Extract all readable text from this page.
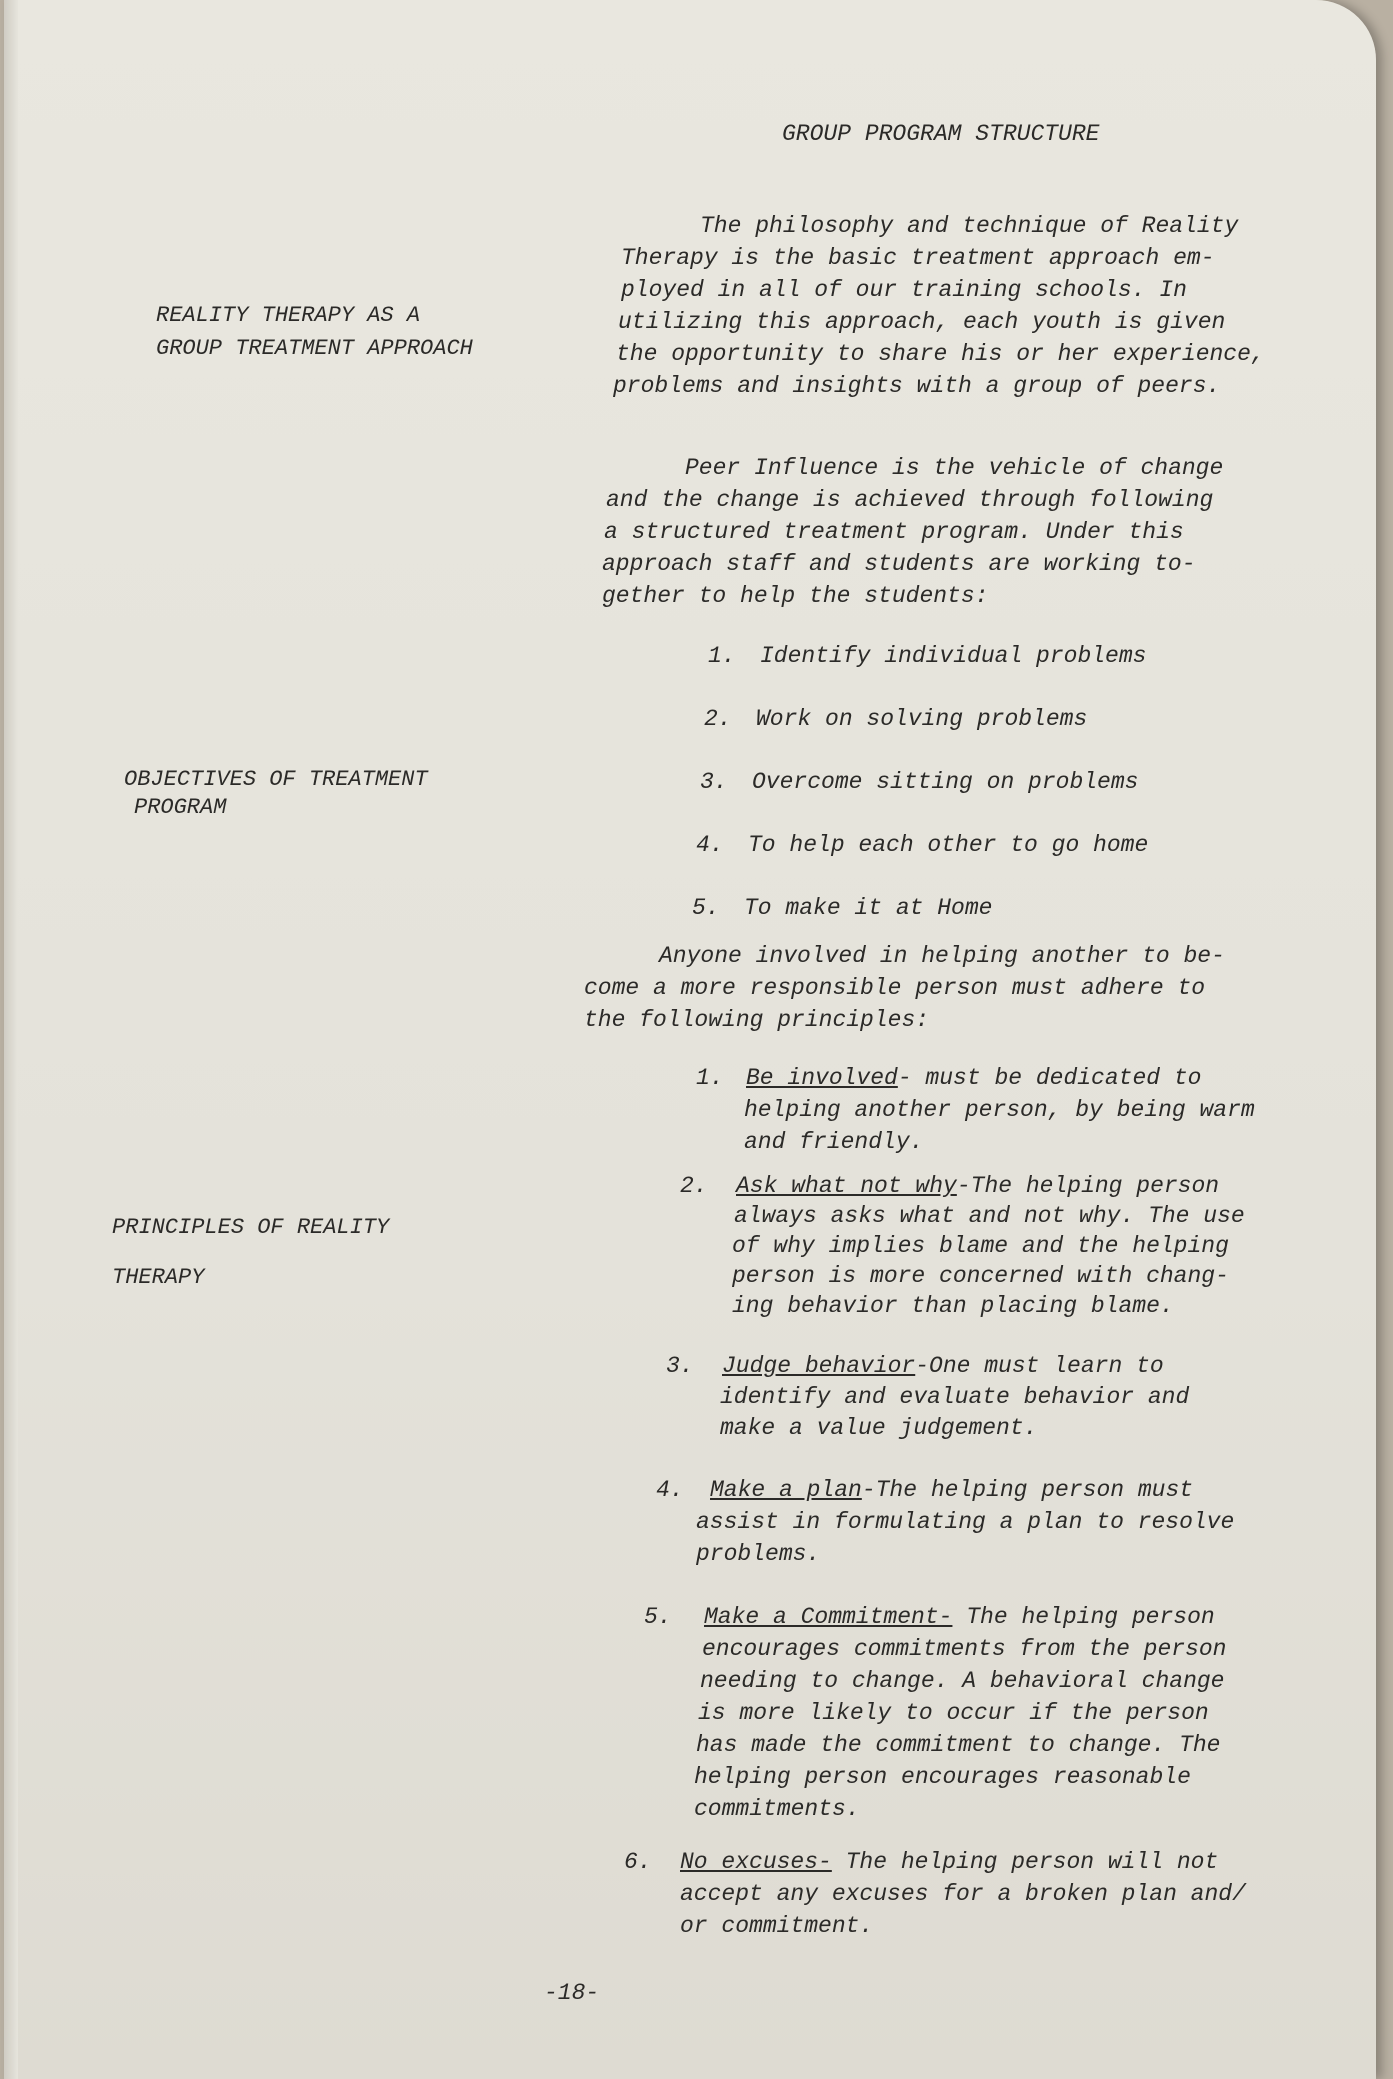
GROUP PROGRAM STRUCTURE
REALITY THERAPY AS A
GROUP TREATMENT APPROACH
OBJECTIVES OF TREATMENT
PROGRAM
PRINCIPLES OF REALITY
THERAPY
The philosophy and technique of Reality
Therapy is the basic treatment approach em-
ployed in all of our training schools. In
utilizing this approach, each youth is given
the opportunity to share his or her experience,
problems and insights with a group of peers.
Peer Influence is the vehicle of change
and the change is achieved through following
a structured treatment program. Under this
approach staff and students are working to-
gether to help the students:
1. Identify individual problems
2. Work on solving problems
3. Overcome sitting on problems
4. To help each other to go home
5. To make it at Home
Anyone involved in helping another to be-
come a more responsible person must adhere to
the following principles:
1. Be involved- must be dedicated to
helping another person, by being warm
and friendly.
2. Ask what not why-The helping person
always asks what and not why. The use
of why implies blame and the helping
person is more concerned with chang-
ing behavior than placing blame.
3. Judge behavior-One must learn to
identify and evaluate behavior and
make a value judgement.
4. Make a plan-The helping person must
assist in formulating a plan to resolve
problems.
5. Make a Commitment- The helping person
encourages commitments from the person
needing to change. A behavioral change
is more likely to occur if the person
has made the commitment to change. The
helping person encourages reasonable
commitments.
6. No excuses- The helping person will not
accept any excuses for a broken plan and/
or commitment.
-18-
